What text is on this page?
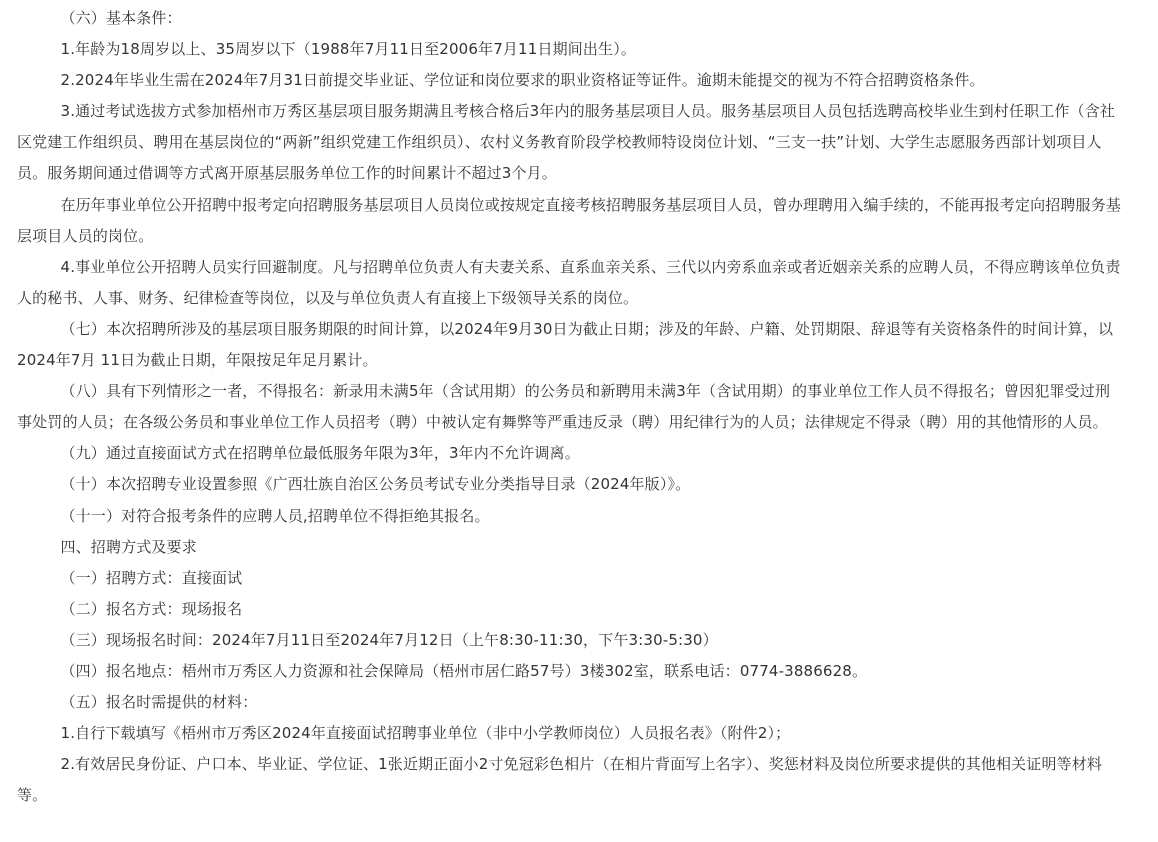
（六）基本条件：

1.年龄为18周岁以上、35周岁以下（1988年7月11日至2006年7月11日期间出生）。

2.2024年毕业生需在2024年7月31日前提交毕业证、学位证和岗位要求的职业资格证等证件。逾期未能提交的视为不符合招聘资格条件。

3.通过考试选拔方式参加梧州市万秀区基层项目服务期满且考核合格后3年内的服务基层项目人员。服务基层项目人员包括选聘高校毕业生到村任职工作（含社区党建工作组织员、聘用在基层岗位的“两新”组织党建工作组织员）、农村义务教育阶段学校教师特设岗位计划、“三支一扶”计划、大学生志愿服务西部计划项目人员。服务期间通过借调等方式离开原基层服务单位工作的时间累计不超过3个月。

在历年事业单位公开招聘中报考定向招聘服务基层项目人员岗位或按规定直接考核招聘服务基层项目人员，曾办理聘用入编手续的，不能再报考定向招聘服务基层项目人员的岗位。

4.事业单位公开招聘人员实行回避制度。凡与招聘单位负责人有夫妻关系、直系血亲关系、三代以内旁系血亲或者近姻亲关系的应聘人员，不得应聘该单位负责人的秘书、人事、财务、纪律检查等岗位，以及与单位负责人有直接上下级领导关系的岗位。

（七）本次招聘所涉及的基层项目服务期限的时间计算，以2024年9月30日为截止日期；涉及的年龄、户籍、处罚期限、辞退等有关资格条件的时间计算，以2024年7月 11日为截止日期，年限按足年足月累计。

（八）具有下列情形之一者，不得报名：新录用未满5年（含试用期）的公务员和新聘用未满3年（含试用期）的事业单位工作人员不得报名；曾因犯罪受过刑事处罚的人员；在各级公务员和事业单位工作人员招考（聘）中被认定有舞弊等严重违反录（聘）用纪律行为的人员；法律规定不得录（聘）用的其他情形的人员。

（九）通过直接面试方式在招聘单位最低服务年限为3年，3年内不允许调离。

（十）本次招聘专业设置参照《广西壮族自治区公务员考试专业分类指导目录（2024年版）》。

（十一）对符合报考条件的应聘人员,招聘单位不得拒绝其报名。

四、招聘方式及要求

（一）招聘方式：直接面试

（二）报名方式：现场报名

（三）现场报名时间：2024年7月11日至2024年7月12日（上午8:30-11:30，下午3:30-5:30）

（四）报名地点：梧州市万秀区人力资源和社会保障局（梧州市居仁路57号）3楼302室，联系电话：0774-3886628。

（五）报名时需提供的材料：

1.自行下载填写《梧州市万秀区2024年直接面试招聘事业单位（非中小学教师岗位）人员报名表》（附件2）；

2.有效居民身份证、户口本、毕业证、学位证、1张近期正面小2寸免冠彩色相片（在相片背面写上名字）、奖惩材料及岗位所要求提供的其他相关证明等材料等。
